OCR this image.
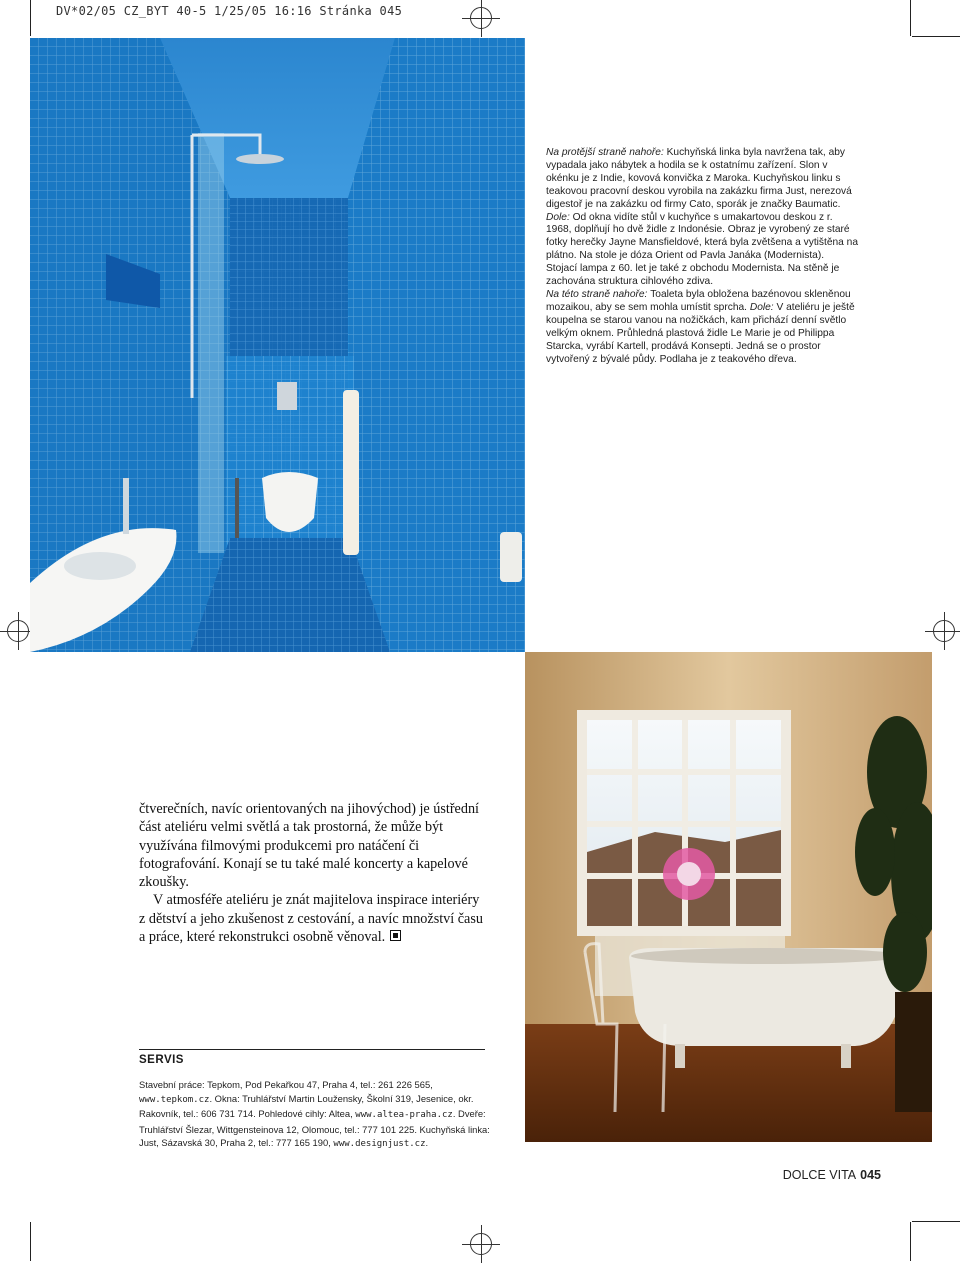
DV*02/05 CZ_BYT 40-5 1/25/05 16:16 Stránka 045

Na protější straně nahoře: Kuchyňská linka byla navržena tak, aby vypadala jako nábytek a hodila se k ostatnímu zařízení. Slon v okénku je z Indie, kovová konvička z Maroka. Kuchyňskou linku s teakovou pracovní deskou vyrobila na zakázku firma Just, nerezová digestoř je na zakázku od firmy Cato, sporák je značky Baumatic. Dole: Od okna vidíte stůl v kuchyňce s umakartovou deskou z r. 1968, doplňují ho dvě židle z Indonésie. Obraz je vyrobený ze staré fotky herečky Jayne Mansfieldové, která byla zvětšena a vytištěna na plátno. Na stole je dóza Orient od Pavla Janáka (Modernista). Stojací lampa z 60. let je také z obchodu Modernista. Na stěně je zachována struktura cihlového zdiva.

Na této straně nahoře: Toaleta byla obložena bazénovou skleněnou mozaikou, aby se sem mohla umístit sprcha. Dole: V ateliéru je ještě koupelna se starou vanou na nožičkách, kam přichází denní světlo velkým oknem. Průhledná plastová židle Le Marie je od Philippa Starcka, vyrábí Kartell, prodává Konsepti. Jedná se o prostor vytvořený z bývalé půdy. Podlaha je z teakového dřeva.

čtverečních, navíc orientovaných na jihovýchod) je ústřední část ateliéru velmi světlá a tak prostorná, že může být využívána filmovými produkcemi pro natáčení či fotografování. Konají se tu také malé koncerty a kapelové zkoušky.

V atmosféře ateliéru je znát majitelova inspirace interiéry z dětství a jeho zkušenost z cestování, a navíc množství času a práce, které rekonstrukci osobně věnoval.

SERVIS
Stavební práce: Tepkom, Pod Pekařkou 47, Praha 4, tel.: 261 226 565, www.tepkom.cz. Okna: Truhlářství Martin Loužensky, Školní 319, Jesenice, okr. Rakovník, tel.: 606 731 714. Pohledové cihly: Altea, www.altea-praha.cz. Dveře: Truhlářství Šlezar, Wittgensteinova 12, Olomouc, tel.: 777 101 225. Kuchyňská linka: Just, Sázavská 30, Praha 2, tel.: 777 165 190, www.designjust.cz.
DOLCE VITA 045
